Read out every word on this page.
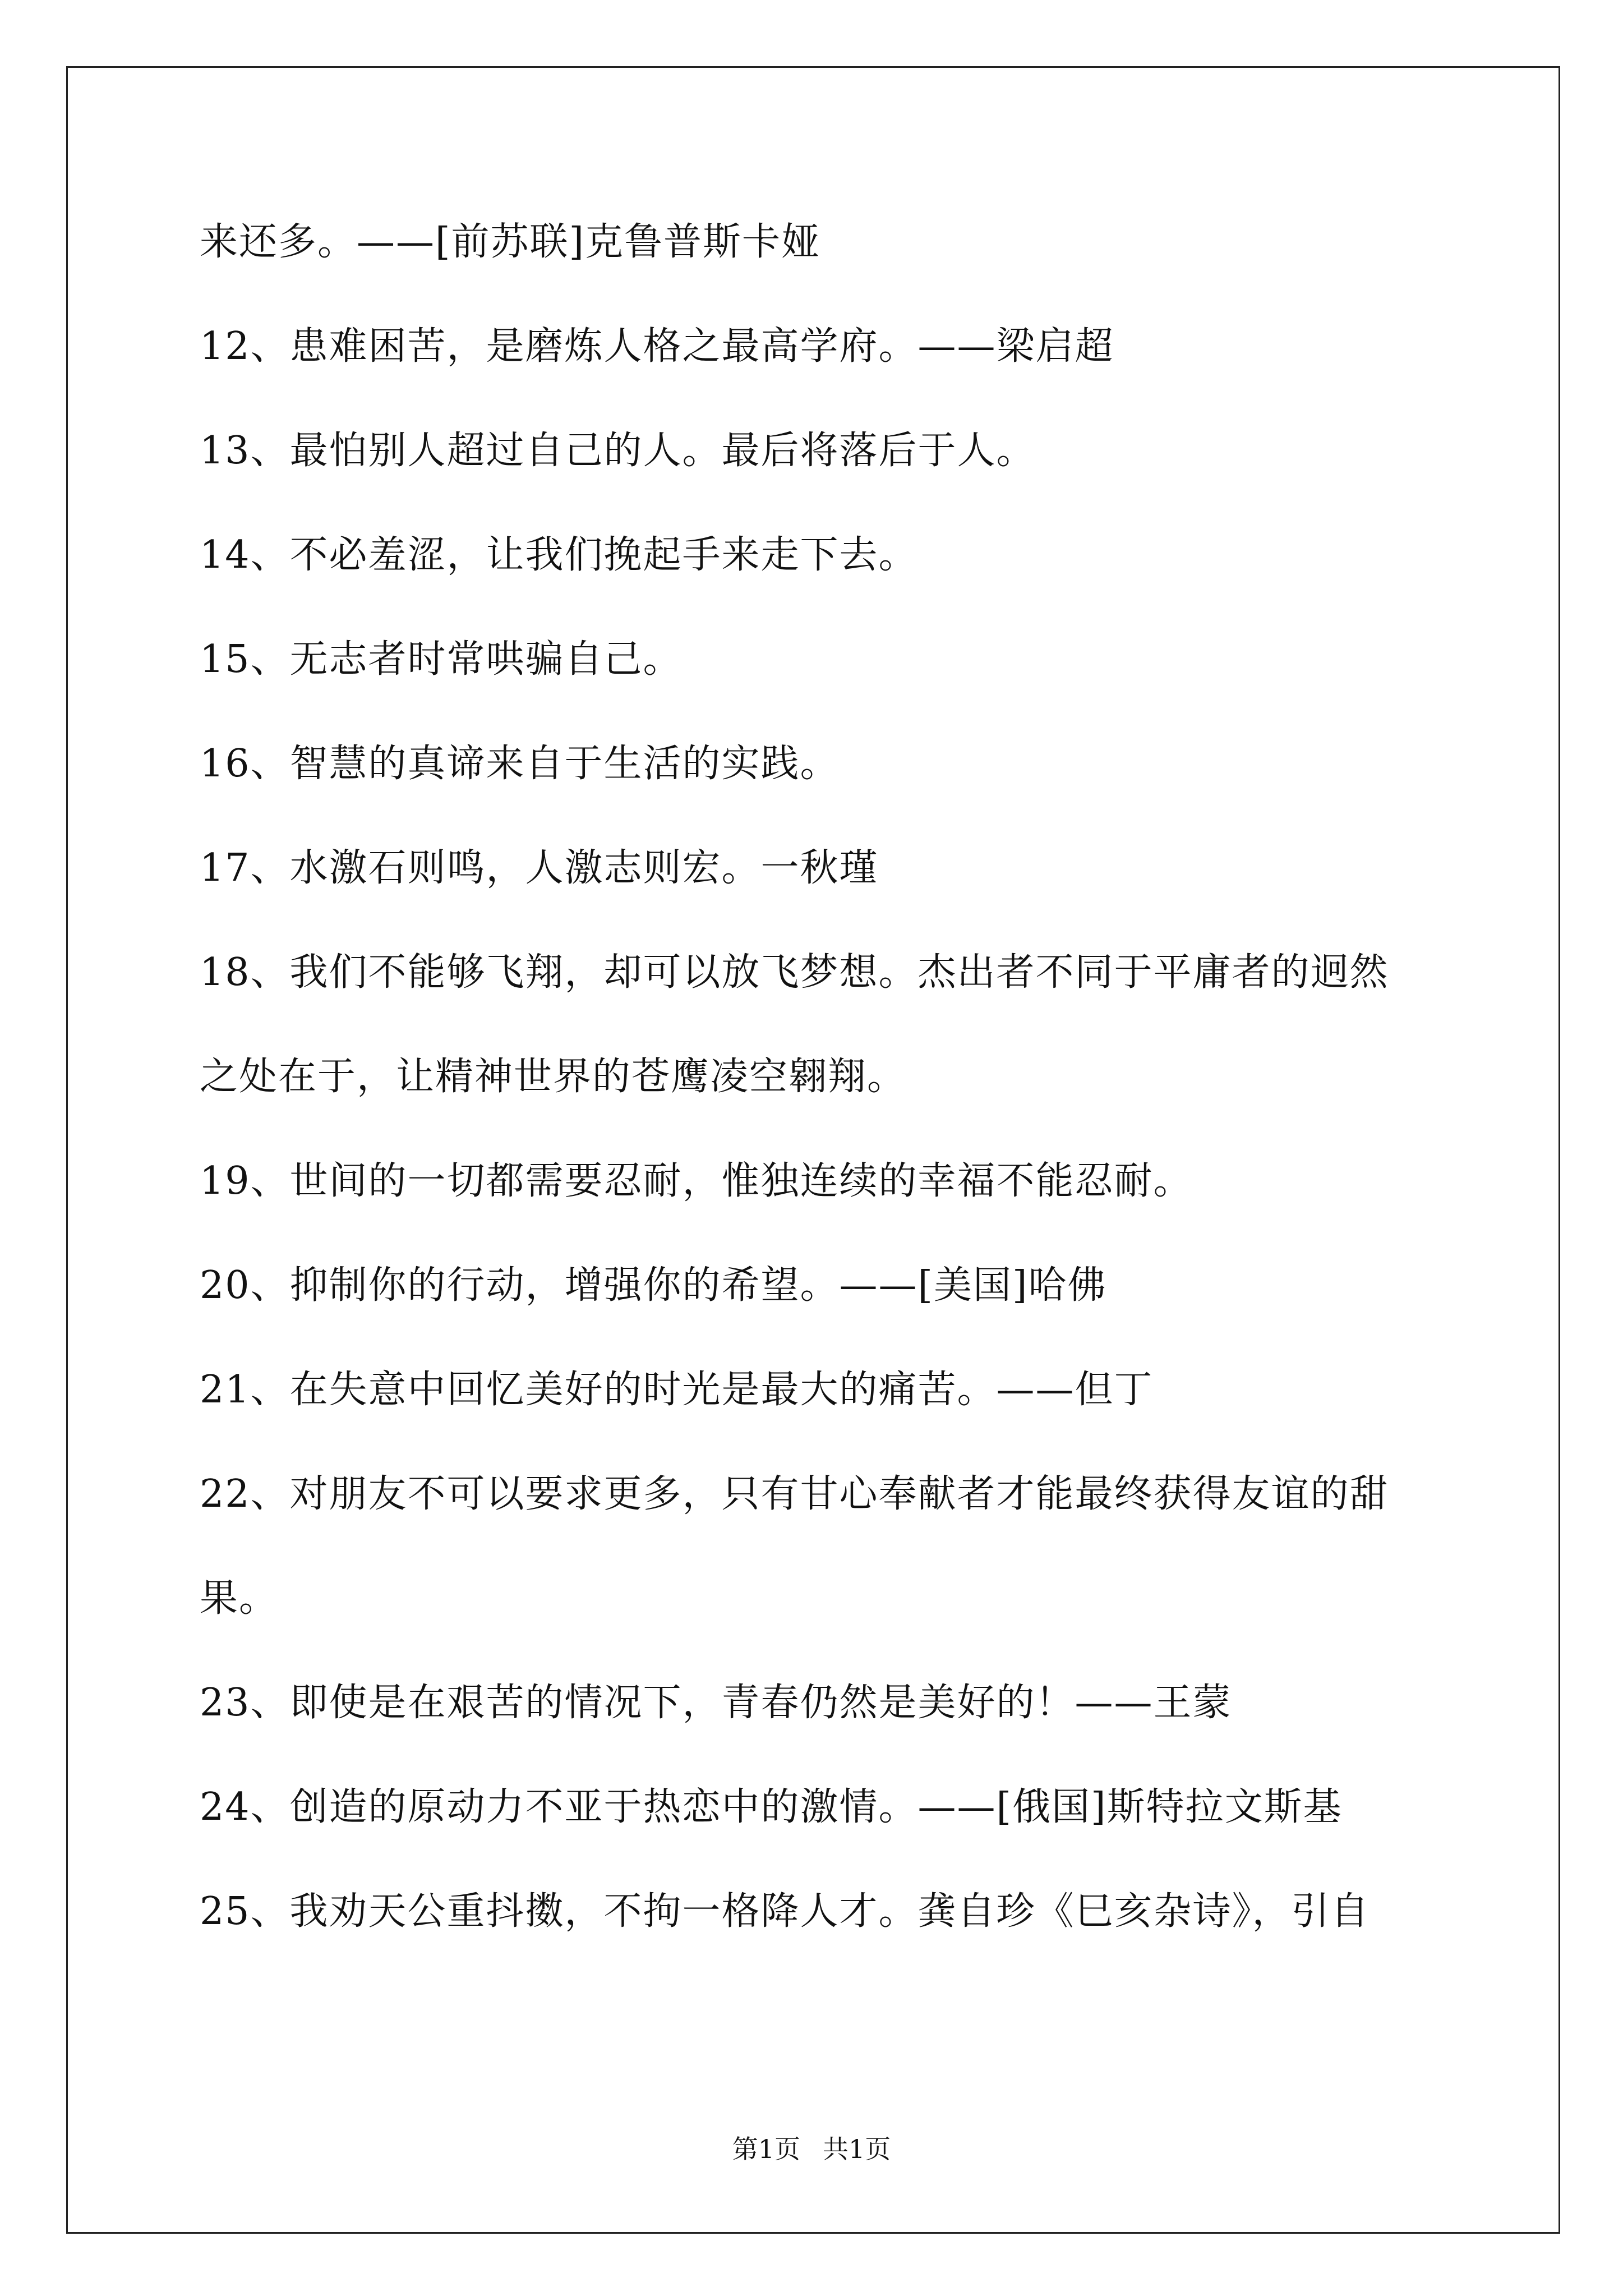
来还多。——[前苏联]克鲁普斯卡娅
12、患难困苦，是磨炼人格之最高学府。——梁启超
13、最怕别人超过自己的人。最后将落后于人。
14、不必羞涩，让我们挽起手来走下去。
15、无志者时常哄骗自己。
16、智慧的真谛来自于生活的实践。
17、水激石则鸣，人激志则宏。一秋瑾
18、我们不能够飞翔，却可以放飞梦想。杰出者不同于平庸者的迥然
之处在于，让精神世界的苍鹰凌空翱翔。
19、世间的一切都需要忍耐，惟独连续的幸福不能忍耐。
20、抑制你的行动，增强你的希望。——[美国]哈佛
21、在失意中回忆美好的时光是最大的痛苦。——但丁
22、对朋友不可以要求更多，只有甘心奉献者才能最终获得友谊的甜
果。
23、即使是在艰苦的情况下，青春仍然是美好的！——王蒙
24、创造的原动力不亚于热恋中的激情。——[俄国]斯特拉文斯基
25、我劝天公重抖擞，不拘一格降人才。龚自珍《巳亥杂诗》，引自
第1页 共1页
